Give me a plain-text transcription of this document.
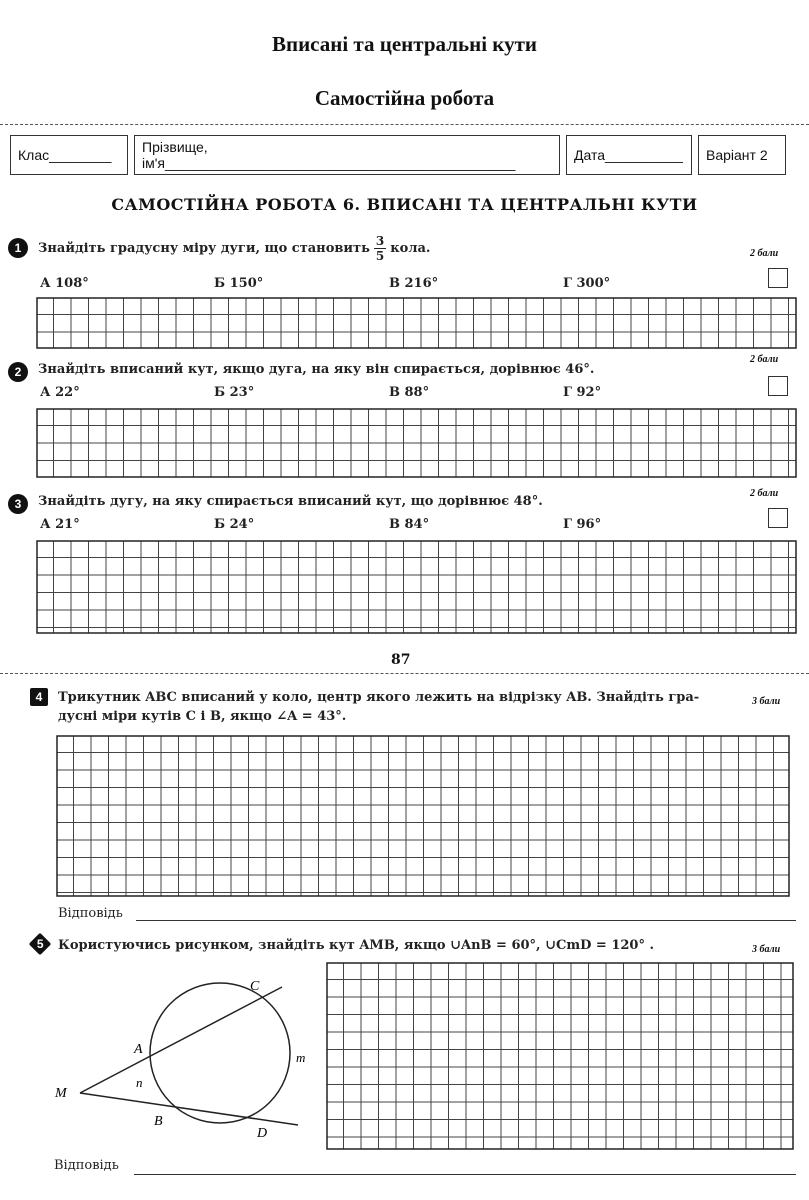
Вписані та центральні кути
Самостійна робота
Клас________	Прізвище, ім'я_____________________________________________	Дата__________	Варіант 2
САМОСТІЙНА РОБОТА 6. ВПИСАНІ ТА ЦЕНТРАЛЬНІ КУТИ
1 Знайдіть градусну міру дуги, що становить $\frac{3}{5}$ кола.	2 бали
А 108°	Б 150°	В 216°	Г 300°
2 Знайдіть вписаний кут, якщо дуга, на яку він спирається, дорівнює 46°.
2 бали
А 22°	Б 23°	В 88°	Г 92°
3 Знайдіть дугу, на яку спирається вписаний кут, що дорівнює 48°.
2 бали
А 21°	Б 24°	В 84°	Г 96°
87
4 Трикутник ABC вписаний у коло, центр якого лежить на відрізку AB. Знайдіть гра-
дусні міри кутів C і B, якщо ∠A = 43°.
3 бали
Відповідь
5 Користуючись рисунком, знайдіть кут AMB, якщо ∪AnB = 60°, ∪CmD = 120° .	3 бали
M
A
B
C
D
n
m
Відповідь
